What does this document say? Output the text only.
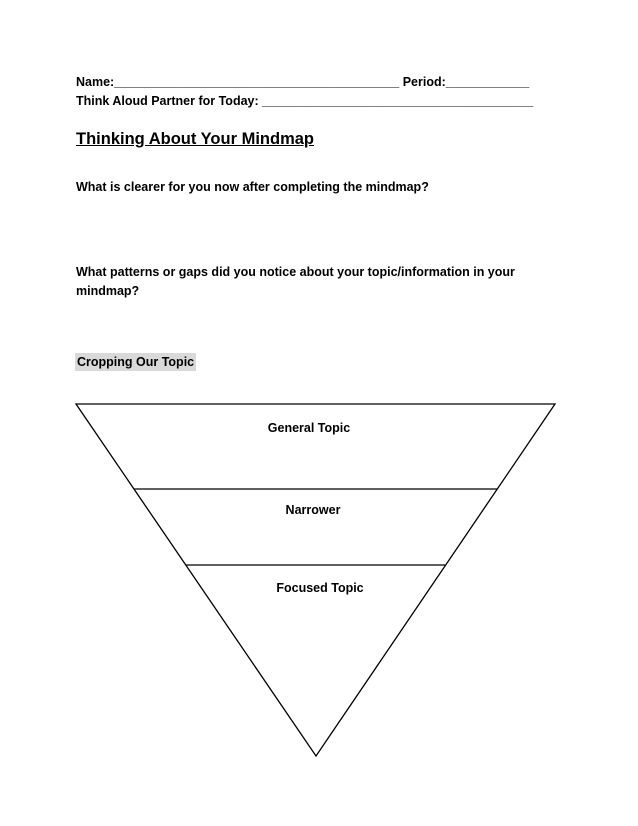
Name:_________________________________________ Period:____________
Think Aloud Partner for Today: _______________________________________
Thinking About Your Mindmap
What is clearer for you now after completing the mindmap?
What patterns or gaps did you notice about your topic/information in your mindmap?
Cropping Our Topic
General Topic
Narrower
Focused Topic
